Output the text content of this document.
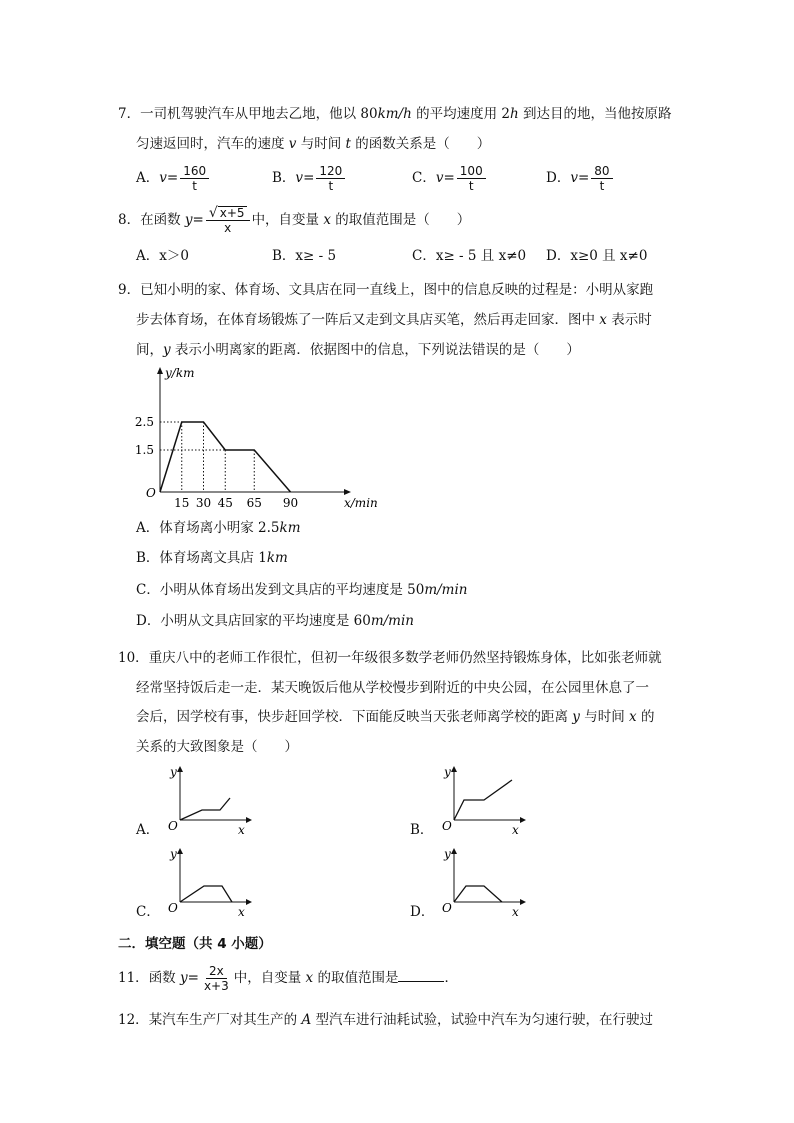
7．一司机驾驶汽车从甲地去乙地，他以 80km/h 的平均速度用 2h 到达目的地，当他按原路
匀速返回时，汽车的速度 v 与时间 t 的函数关系是（　　）
A．$v= \frac{160}{t}$	B．$v= \frac{120}{t}$	C．$v= \frac{100}{t}$	D．$v= \frac{80}{t}$
8．在函数 $y= \frac{√ x+5}{x}$ 中，自变量 x 的取值范围是（　　）
A．x＞0	B．x≥ - 5	C．x≥ - 5 且 x≠0 D．x≥0 且 x≠0
9．已知小明的家、体育场、文具店在同一直线上，图中的信息反映的过程是：小明从家跑
步去体育场，在体育场锻炼了一阵后又走到文具店买笔，然后再走回家．图中 x 表示时
间，y 表示小明离家的距离．依据图中的信息，下列说法错误的是（　　）
15 30 45 65 90
2.5
1.5
O
y/km
x/min
A．体育场离小明家 2.5km
B．体育场离文具店 1km
C．小明从体育场出发到文具店的平均速度是 50m/min
D．小明从文具店回家的平均速度是 60m/min
10．重庆八中的老师工作很忙，但初一年级很多数学老师仍然坚持锻炼身体，比如张老师就
经常坚持饭后走一走．某天晚饭后他从学校慢步到附近的中央公园，在公园里休息了一
会后，因学校有事，快步赶回学校．下面能反映当天张老师离学校的距离 y 与时间 x 的
关系的大致图象是（　　）
A．
y
O	x	B．
y
O	x
C．
y
O	x	D．
y
O	x
二．填空题（共 4 小题）
11．函数 $y= \frac{2x}{x+3}$ 中，自变量 x 的取值范围是	．
12．某汽车生产厂对其生产的 A 型汽车进行油耗试验，试验中汽车为匀速行驶，在行驶过
